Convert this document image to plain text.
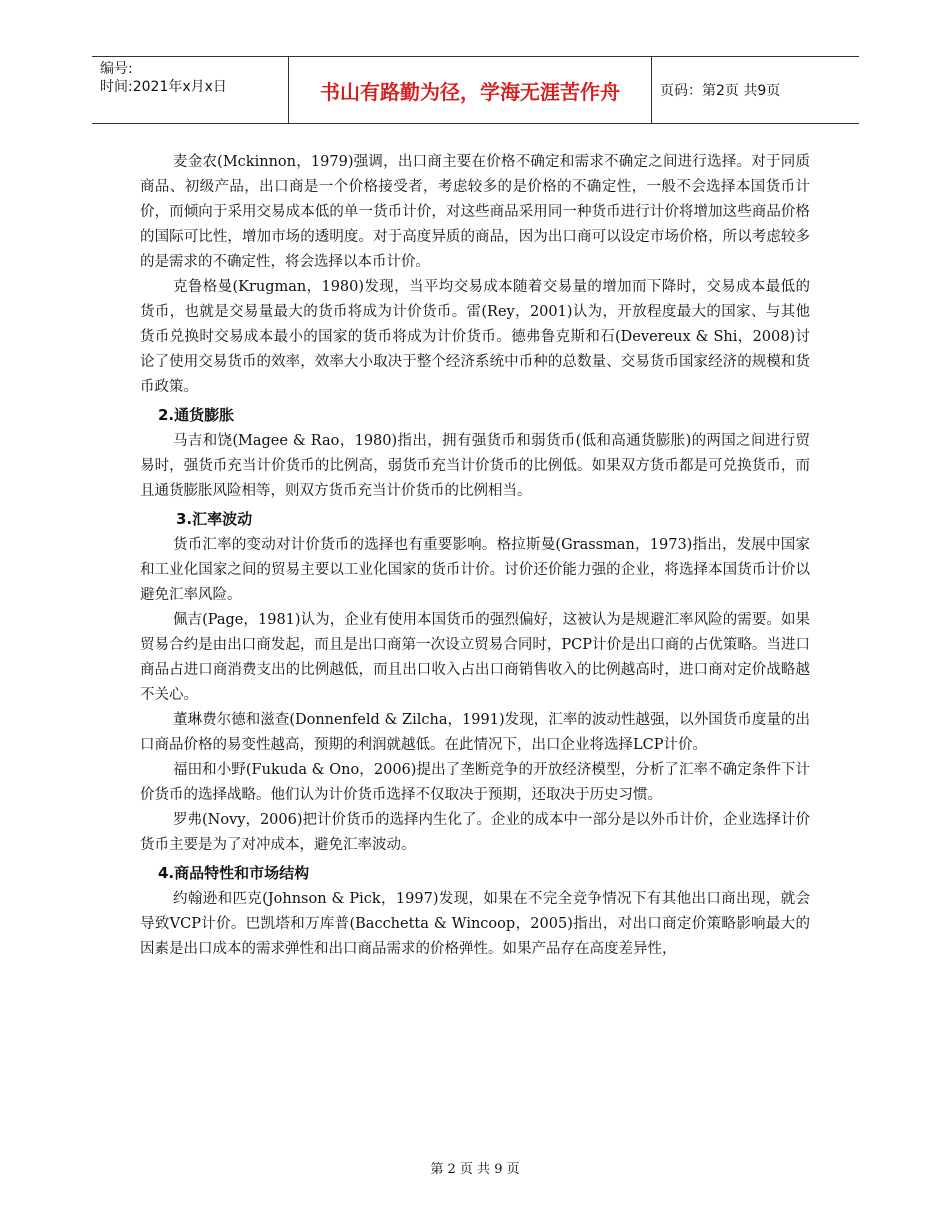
编号:
时间:2021年x月x日	书山有路勤为径，学海无涯苦作舟	页码：第2页 共9页

麦金农(Mckinnon，1979)强调，出口商主要在价格不确定和需求不确定之间进行选择。对于同质商品、初级产品，出口商是一个价格接受者，考虑较多的是价格的不确定性，一般不会选择本国货币计价，而倾向于采用交易成本低的单一货币计价，对这些商品采用同一种货币进行计价将增加这些商品价格的国际可比性，增加市场的透明度。对于高度异质的商品，因为出口商可以设定市场价格，所以考虑较多的是需求的不确定性，将会选择以本币计价。

克鲁格曼(Krugman，1980)发现，当平均交易成本随着交易量的增加而下降时，交易成本最低的货币，也就是交易量最大的货币将成为计价货币。雷(Rey，2001)认为，开放程度最大的国家、与其他货币兑换时交易成本最小的国家的货币将成为计价货币。德弗鲁克斯和石(Devereux & Shi，2008)讨论了使用交易货币的效率，效率大小取决于整个经济系统中币种的总数量、交易货币国家经济的规模和货币政策。

2.通货膨胀

马吉和饶(Magee & Rao，1980)指出，拥有强货币和弱货币(低和高通货膨胀)的两国之间进行贸易时，强货币充当计价货币的比例高，弱货币充当计价货币的比例低。如果双方货币都是可兑换货币，而且通货膨胀风险相等，则双方货币充当计价货币的比例相当。

3.汇率波动

货币汇率的变动对计价货币的选择也有重要影响。格拉斯曼(Grassman，1973)指出，发展中国家和工业化国家之间的贸易主要以工业化国家的货币计价。讨价还价能力强的企业，将选择本国货币计价以避免汇率风险。

佩吉(Page，1981)认为，企业有使用本国货币的强烈偏好，这被认为是规避汇率风险的需要。如果贸易合约是由出口商发起，而且是出口商第一次设立贸易合同时，PCP计价是出口商的占优策略。当进口商品占进口商消费支出的比例越低，而且出口收入占出口商销售收入的比例越高时，进口商对定价战略越不关心。

董琳费尔德和滋查(Donnenfeld & Zilcha，1991)发现，汇率的波动性越强，以外国货币度量的出口商品价格的易变性越高，预期的利润就越低。在此情况下，出口企业将选择LCP计价。

福田和小野(Fukuda & Ono，2006)提出了垄断竞争的开放经济模型，分析了汇率不确定条件下计价货币的选择战略。他们认为计价货币选择不仅取决于预期，还取决于历史习惯。

罗弗(Novy，2006)把计价货币的选择内生化了。企业的成本中一部分是以外币计价，企业选择计价货币主要是为了对冲成本，避免汇率波动。

4.商品特性和市场结构

约翰逊和匹克(Johnson & Pick，1997)发现，如果在不完全竞争情况下有其他出口商出现，就会导致VCP计价。巴凯塔和万库普(Bacchetta & Wincoop，2005)指出，对出口商定价策略影响最大的因素是出口成本的需求弹性和出口商品需求的价格弹性。如果产品存在高度差异性，

第 2 页 共 9 页
